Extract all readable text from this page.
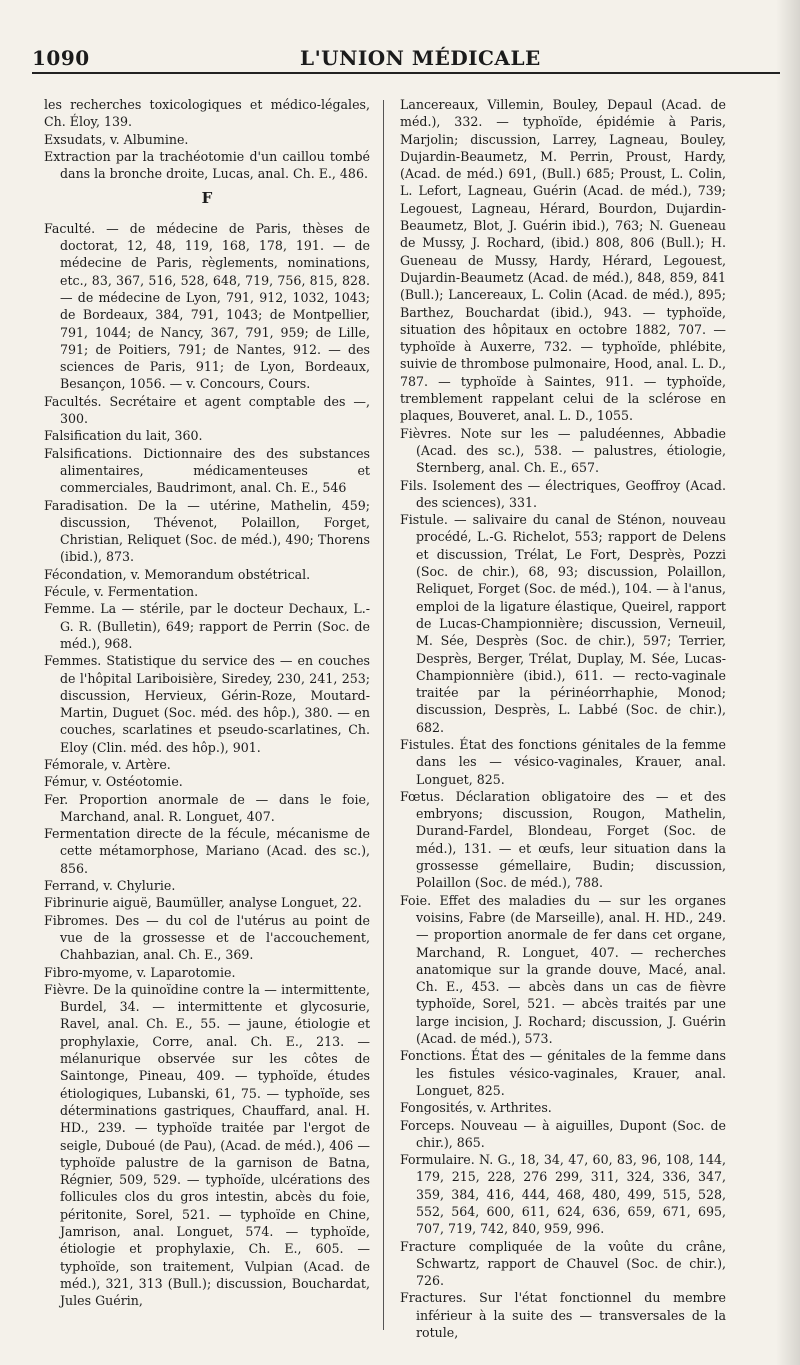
1090	L'UNION MÉDICALE

les recherches toxicologiques et médico-légales, Ch. Éloy, 139.

Exsudats, v. Albumine.

Extraction par la trachéotomie d'un caillou tombé dans la bronche droite, Lucas, anal. Ch. E., 486.

F

Faculté. — de médecine de Paris, thèses de doctorat, 12, 48, 119, 168, 178, 191. — de médecine de Paris, règlements, nominations, etc., 83, 367, 516, 528, 648, 719, 756, 815, 828. — de médecine de Lyon, 791, 912, 1032, 1043; de Bordeaux, 384, 791, 1043; de Montpellier, 791, 1044; de Nancy, 367, 791, 959; de Lille, 791; de Poitiers, 791; de Nantes, 912. — des sciences de Paris, 911; de Lyon, Bordeaux, Besançon, 1056. — v. Concours, Cours.

Facultés. Secrétaire et agent comptable des —, 300.

Falsification du lait, 360.

Falsifications. Dictionnaire des des substances alimentaires, médicamenteuses et commerciales, Baudrimont, anal. Ch. E., 546

Faradisation. De la — utérine, Mathelin, 459; discussion, Thévenot, Polaillon, Forget, Christian, Reliquet (Soc. de méd.), 490; Thorens (ibid.), 873.

Fécondation, v. Memorandum obstétrical.

Fécule, v. Fermentation.

Femme. La — stérile, par le docteur Dechaux, L.-G. R. (Bulletin), 649; rapport de Perrin (Soc. de méd.), 968.

Femmes. Statistique du service des — en couches de l'hôpital Lariboisière, Siredey, 230, 241, 253; discussion, Hervieux, Gérin-Roze, Moutard-Martin, Duguet (Soc. méd. des hôp.), 380. — en couches, scarlatines et pseudo-scarlatines, Ch. Eloy (Clin. méd. des hôp.), 901.

Fémorale, v. Artère.

Fémur, v. Ostéotomie.

Fer. Proportion anormale de — dans le foie, Marchand, anal. R. Longuet, 407.

Fermentation directe de la fécule, mécanisme de cette métamorphose, Mariano (Acad. des sc.), 856.

Ferrand, v. Chylurie.

Fibrinurie aiguë, Baumüller, analyse Longuet, 22.

Fibromes. Des — du col de l'utérus au point de vue de la grossesse et de l'accouchement, Chahbazian, anal. Ch. E., 369.

Fibro-myome, v. Laparotomie.

Fièvre. De la quinoïdine contre la — intermittente, Burdel, 34. — intermittente et glycosurie, Ravel, anal. Ch. E., 55. — jaune, étiologie et prophylaxie, Corre, anal. Ch. E., 213. — mélanurique observée sur les côtes de Saintonge, Pineau, 409. — typhoïde, études étiologiques, Lubanski, 61, 75. — typhoïde, ses déterminations gastriques, Chauffard, anal. H. HD., 239. — typhoïde traitée par l'ergot de seigle, Duboué (de Pau), (Acad. de méd.), 406 — typhoïde palustre de la garnison de Batna, Régnier, 509, 529. — typhoïde, ulcérations des follicules clos du gros intestin, abcès du foie, péritonite, Sorel, 521. — typhoïde en Chine, Jamrison, anal. Longuet, 574. — typhoïde, étiologie et prophylaxie, Ch. E., 605. — typhoïde, son traitement, Vulpian (Acad. de méd.), 321, 313 (Bull.); discussion, Bouchardat, Jules Guérin,

Lancereaux, Villemin, Bouley, Depaul (Acad. de méd.), 332. — typhoïde, épidémie à Paris, Marjolin; discussion, Larrey, Lagneau, Bouley, Dujardin-Beaumetz, M. Perrin, Proust, Hardy, (Acad. de méd.) 691, (Bull.) 685; Proust, L. Colin, L. Lefort, Lagneau, Guérin (Acad. de méd.), 739; Legouest, Lagneau, Hérard, Bourdon, Dujardin-Beaumetz, Blot, J. Guérin ibid.), 763; N. Gueneau de Mussy, J. Rochard, (ibid.) 808, 806 (Bull.); H. Gueneau de Mussy, Hardy, Hérard, Legouest, Dujardin-Beaumetz (Acad. de méd.), 848, 859, 841 (Bull.); Lancereaux, L. Colin (Acad. de méd.), 895; Barthez, Bouchardat (ibid.), 943. — typhoïde, situation des hôpitaux en octobre 1882, 707. — typhoïde à Auxerre, 732. — typhoïde, phlébite, suivie de thrombose pulmonaire, Hood, anal. L. D., 787. — typhoïde à Saintes, 911. — typhoïde, tremblement rappelant celui de la sclérose en plaques, Bouveret, anal. L. D., 1055.

Fièvres. Note sur les — paludéennes, Abbadie (Acad. des sc.), 538. — palustres, étiologie, Sternberg, anal. Ch. E., 657.

Fils. Isolement des — électriques, Geoffroy (Acad. des sciences), 331.

Fistule. — salivaire du canal de Sténon, nouveau procédé, L.-G. Richelot, 553; rapport de Delens et discussion, Trélat, Le Fort, Desprès, Pozzi (Soc. de chir.), 68, 93; discussion, Polaillon, Reliquet, Forget (Soc. de méd.), 104. — à l'anus, emploi de la ligature élastique, Queirel, rapport de Lucas-Championnière; discussion, Verneuil, M. Sée, Desprès (Soc. de chir.), 597; Terrier, Desprès, Berger, Trélat, Duplay, M. Sée, Lucas-Championnière (ibid.), 611. — recto-vaginale traitée par la périnéorrhaphie, Monod; discussion, Desprès, L. Labbé (Soc. de chir.), 682.

Fistules. État des fonctions génitales de la femme dans les — vésico-vaginales, Krauer, anal. Longuet, 825.

Fœtus. Déclaration obligatoire des — et des embryons; discussion, Rougon, Mathelin, Durand-Fardel, Blondeau, Forget (Soc. de méd.), 131. — et œufs, leur situation dans la grossesse gémellaire, Budin; discussion, Polaillon (Soc. de méd.), 788.

Foie. Effet des maladies du — sur les organes voisins, Fabre (de Marseille), anal. H. HD., 249. — proportion anormale de fer dans cet organe, Marchand, R. Longuet, 407. — recherches anatomique sur la grande douve, Macé, anal. Ch. E., 453. — abcès dans un cas de fièvre typhoïde, Sorel, 521. — abcès traités par une large incision, J. Rochard; discussion, J. Guérin (Acad. de méd.), 573.

Fonctions. État des — génitales de la femme dans les fistules vésico-vaginales, Krauer, anal. Longuet, 825.

Fongosités, v. Arthrites.

Forceps. Nouveau — à aiguilles, Dupont (Soc. de chir.), 865.

Formulaire. N. G., 18, 34, 47, 60, 83, 96, 108, 144, 179, 215, 228, 276 299, 311, 324, 336, 347, 359, 384, 416, 444, 468, 480, 499, 515, 528, 552, 564, 600, 611, 624, 636, 659, 671, 695, 707, 719, 742, 840, 959, 996.

Fracture compliquée de la voûte du crâne, Schwartz, rapport de Chauvel (Soc. de chir.), 726.

Fractures. Sur l'état fonctionnel du membre inférieur à la suite des — transversales de la rotule,
